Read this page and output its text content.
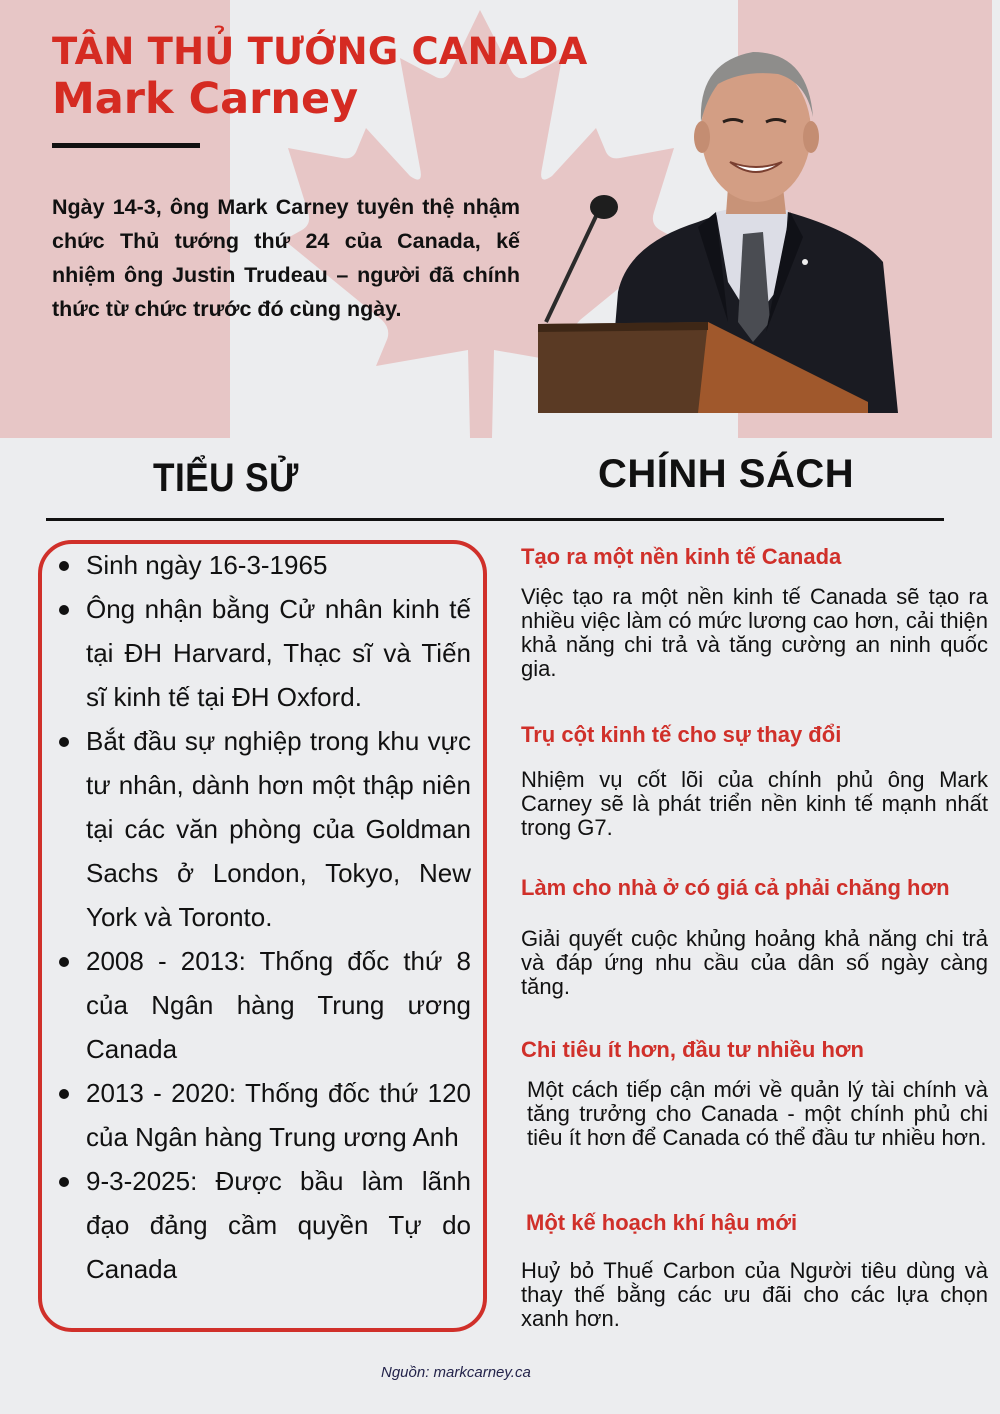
TÂN THỦ TƯỚNG CANADA
Mark Carney

Ngày 14-3, ông Mark Carney tuyên thệ nhậm chức Thủ tướng thứ 24 của Canada, kế nhiệm ông Justin Trudeau – người đã chính thức từ chức trước đó cùng ngày.

TIỂU SỬ	CHÍNH SÁCH
Sinh ngày 16-3-1965
Ông nhận bằng Cử nhân kinh tế tại ĐH Harvard, Thạc sĩ và Tiến sĩ kinh tế tại ĐH Oxford.
Bắt đầu sự nghiệp trong khu vực tư nhân, dành hơn một thập niên tại các văn phòng của Goldman Sachs ở London, Tokyo, New York và Toronto.
2008 - 2013: Thống đốc thứ 8 của Ngân hàng Trung ương Canada
2013 - 2020: Thống đốc thứ 120 của Ngân hàng Trung ương Anh
9-3-2025: Được bầu làm lãnh đạo đảng cầm quyền Tự do Canada
Tạo ra một nền kinh tế Canada
Việc tạo ra một nền kinh tế Canada sẽ tạo ra nhiều việc làm có mức lương cao hơn, cải thiện khả năng chi trả và tăng cường an ninh quốc gia.
Trụ cột kinh tế cho sự thay đổi
Nhiệm vụ cốt lõi của chính phủ ông Mark Carney sẽ là phát triển nền kinh tế mạnh nhất trong G7.
Làm cho nhà ở có giá cả phải chăng hơn
Giải quyết cuộc khủng hoảng khả năng chi trả và đáp ứng nhu cầu của dân số ngày càng tăng.
Chi tiêu ít hơn, đầu tư nhiều hơn
Một cách tiếp cận mới về quản lý tài chính và tăng trưởng cho Canada - một chính phủ chi tiêu ít hơn để Canada có thể đầu tư nhiều hơn.
Một kế hoạch khí hậu mới
Huỷ bỏ Thuế Carbon của Người tiêu dùng và thay thế bằng các ưu đãi cho các lựa chọn xanh hơn.
Nguồn: markcarney.ca
